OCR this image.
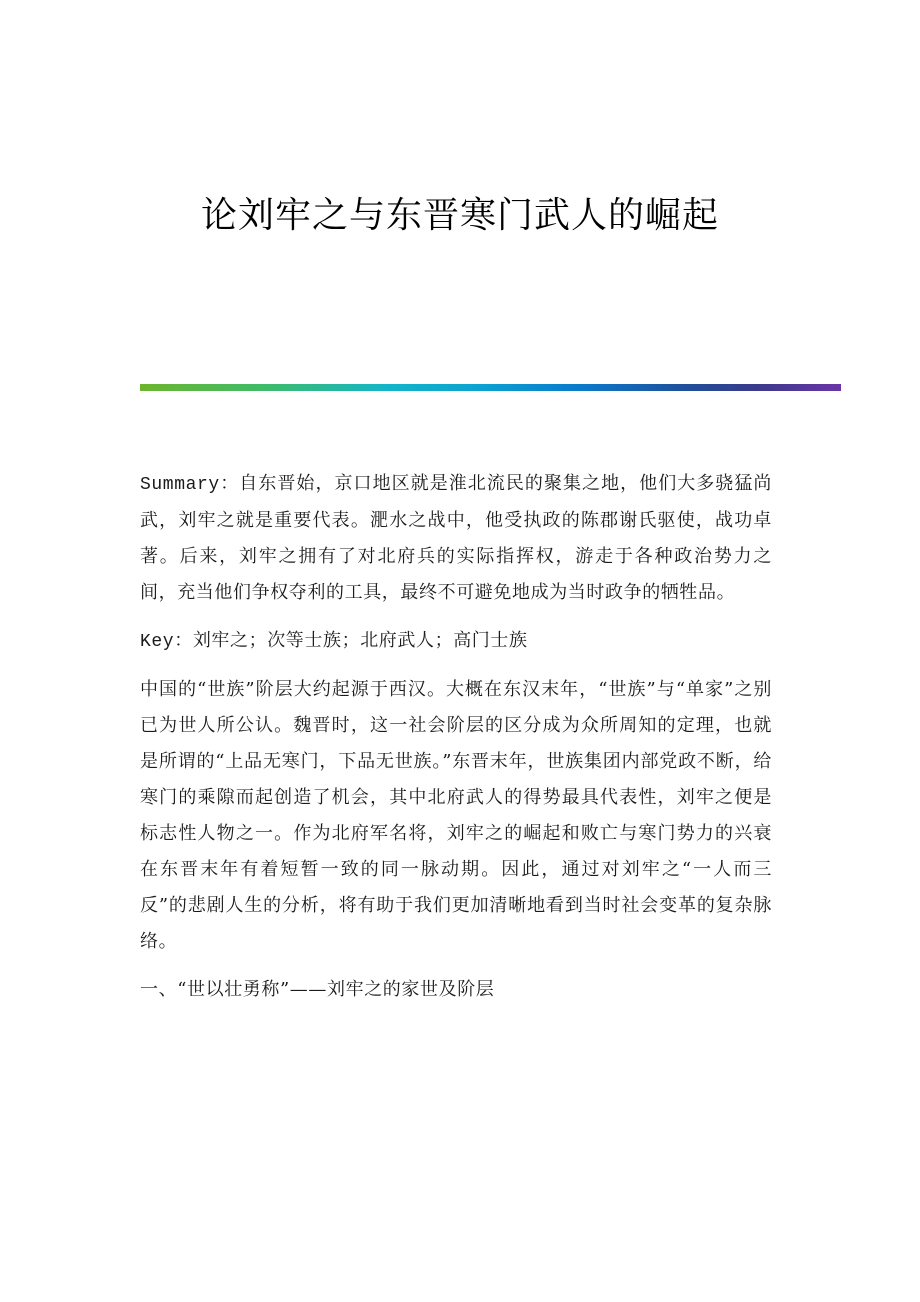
论刘牢之与东晋寒门武人的崛起

Summary：自东晋始，京口地区就是淮北流民的聚集之地，他们大多骁猛尚武，刘牢之就是重要代表。淝水之战中，他受执政的陈郡谢氏驱使，战功卓著。后来，刘牢之拥有了对北府兵的实际指挥权，游走于各种政治势力之间，充当他们争权夺利的工具，最终不可避免地成为当时政争的牺牲品。

Key：刘牢之；次等士族；北府武人；高门士族

中国的“世族”阶层大约起源于西汉。大概在东汉末年，“世族”与“单家”之别已为世人所公认。魏晋时，这一社会阶层的区分成为众所周知的定理，也就是所谓的“上品无寒门，下品无世族。”东晋末年，世族集团内部党政不断，给寒门的乘隙而起创造了机会，其中北府武人的得势最具代表性，刘牢之便是标志性人物之一。作为北府军名将，刘牢之的崛起和败亡与寒门势力的兴衰在东晋末年有着短暂一致的同一脉动期。因此，通过对刘牢之“一人而三反”的悲剧人生的分析，将有助于我们更加清晰地看到当时社会变革的复杂脉络。

一、“世以壮勇称”——刘牢之的家世及阶层
